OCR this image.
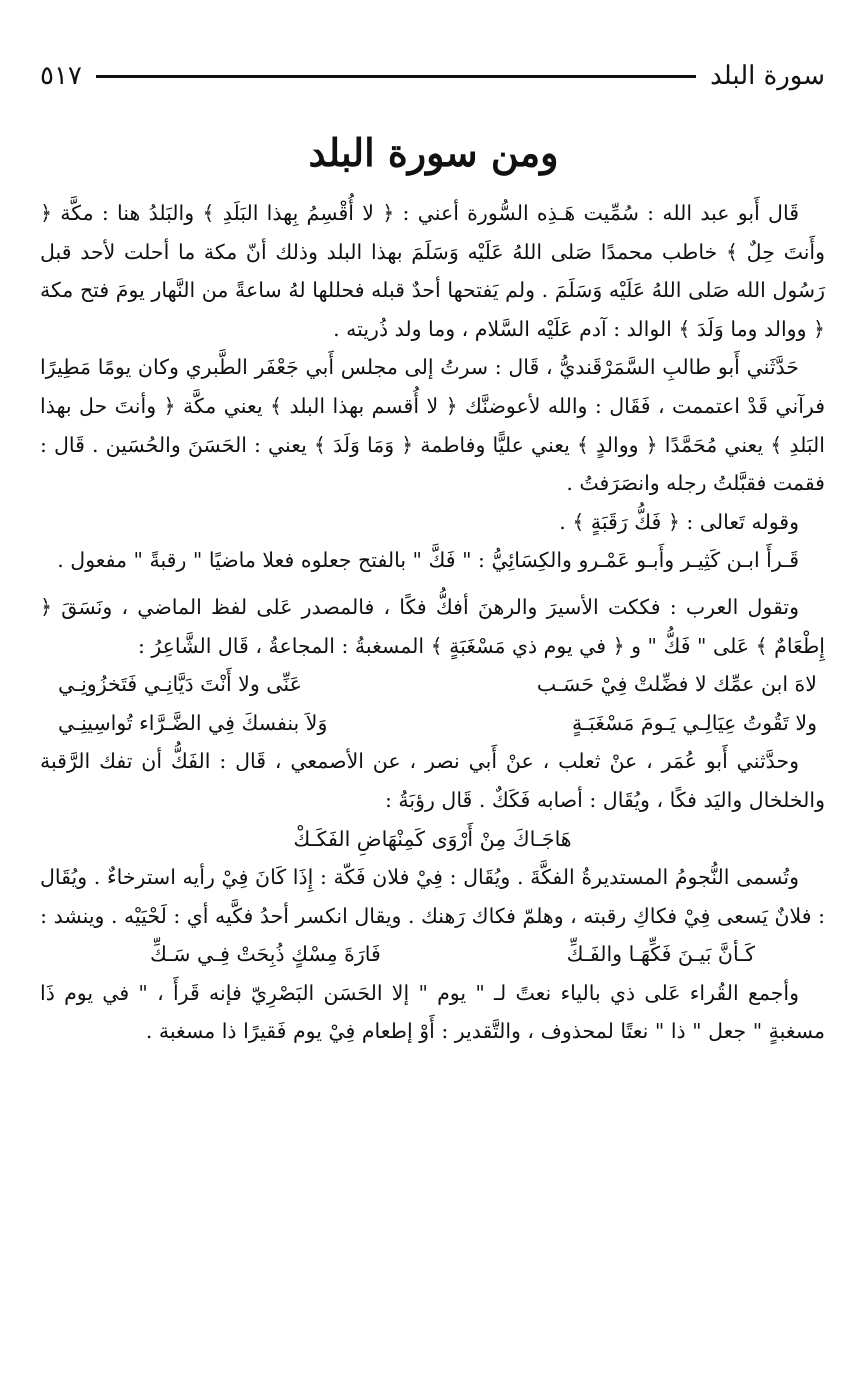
سورة البلد
٥١٧
ومن سورة البلد

قَال أَبو عبد الله : سُمِّيت هَـذِه السُّورة أعني : ﴿ لا أُقْسِمُ بِهذا البَلَدِ ﴾ والبَلدُ هنا : مكَّة ﴿ وأَنتَ حِلٌ ﴾ خاطب محمدًا صَلى اللهُ عَلَيْه وَسَلَمَ بهذا البلد وذلك أنّ مكة ما أحلت لأحد قبل رَسُول الله صَلى اللهُ عَلَيْه وَسَلَمَ . ولم يَفتحها أحدٌ قبله فحللها لهُ ساعةً من النَّهار يومَ فتح مكة ﴿ ووالد وما وَلَدَ ﴾ الوالد : آدم عَلَيْه السَّلام ، وما ولد ذُريته .

حَدَّثَني أَبو طالبِ السَّمَرْقَنديُّ ، قَال : سرتُ إلى مجلس أَبي جَعْفَر الطَّبري وكان يومًا مَطِيرًا فرآني قَدْ اعتممت ، فَقَال : والله لأعوضنَّك ﴿ لا أُقسم بهذا البلد ﴾ يعني مكَّة ﴿ وأنتَ حل بهذا البَلدِ ﴾ يعني مُحَمَّدًا ﴿ ووالدٍ ﴾ يعني عليًّا وفاطمة ﴿ وَمَا وَلَدَ ﴾ يعني : الحَسَنَ والحُسَين . قَال : فقمت فقبَّلتُ رجله وانصَرَفتُ .

وقوله تَعالى : ﴿ فَكُّ رَقَبَةٍ ﴾ .

قَـرأَ ابـن كَثِيـر وأَبـو عَمْـرو والكِسَائِيُّ : " فَكَّ " بالفتح جعلوه فعلا ماضيًا " رقبةً " مفعول .

وتقول العرب : فككت الأسيرَ والرهنَ أفكُّ فكًا ، فالمصدر عَلى لفظ الماضي ، ونَسَقَ ﴿ إِطْعَامٌ ﴾ عَلى " فَكُّ " و ﴿ في يوم ذي مَسْغَبَةٍ ﴾ المسغبةُ : المجاعةُ ، قَال الشَّاعِرُ :

لاهَ ابن عمِّك لا فضِّلتْ فِيْ حَسَـب
عَنِّى ولا أَنْتَ دَيَّانِـي فَتَخزُونِـي
ولا تَقُوتُ عِيَالِـي يَـومَ مَسْغَبَـةٍ
وَلاَ بنفسكَ فِي الضَّـرَّاء تُواسِينِـي

وحدَّثني أَبو عُمَر ، عنْ ثعلب ، عنْ أَبي نصر ، عن الأصمعي ، قَال : الفَكُّ أن تفك الرَّقبة والخلخال واليَد فكًا ، ويُقَال : أصابه فَكَكٌ . قَال رؤبَةُ :

هَاجَـاكَ مِنْ أَرْوَى كَمِنْهَاضِ الفَكَـكْ

وتُسمى النُّجومُ المستديرةُ الفكَّةَ . ويُقَال : فِيْ فلان فَكّة : إِذَا كَانَ فِيْ رأيه استرخاءٌ . ويُقَال : فلانٌ يَسعى فِيْ فكاكِ رقبته ، وهلمّ فكاك رَهنك . ويقال انكسر أحدُ فكَّيه أي : لَحْيَيْه . وينشد :

كَـأنَّ بَيـنَ فَكِّهَـا والفَـكِّ
فَارَةَ مِسْكٍ ذُبِحَتْ فِـي سَـكِّ

وأجمع القُراء عَلى ذي بالياء نعتً لـ " يوم " إلا الحَسَن البَصْرِيّ فإنه قَرأَ ، " في يوم ذَا مسغبةٍ " جعل " ذا " نعتًا لمحذوف ، والتَّقدير : أَوْ إطعام فِيْ يوم فَقيرًا ذا مسغبة .
